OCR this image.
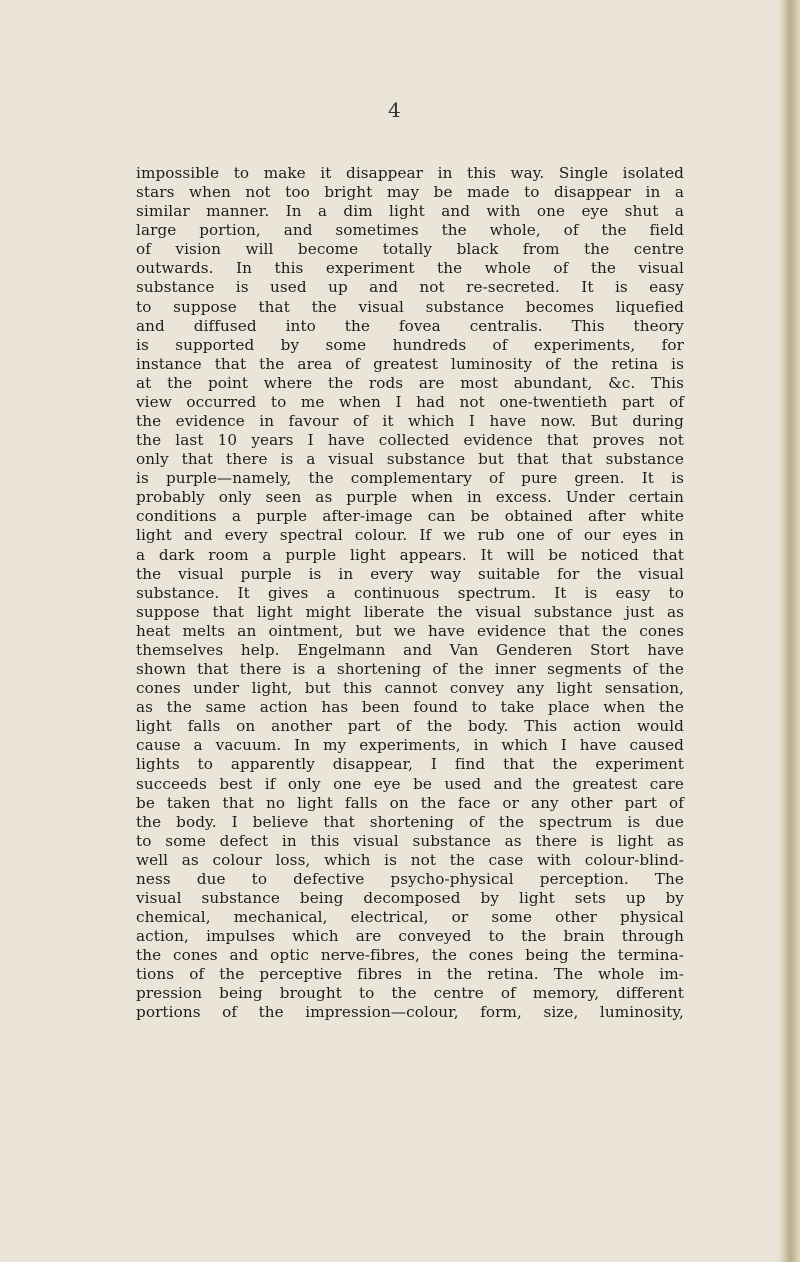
4
impossible to make it disappear in this way. Single isolated
stars when not too bright may be made to disappear in a
similar manner. In a dim light and with one eye shut a
large portion, and sometimes the whole, of the field
of vision will become totally black from the centre
outwards. In this experiment the whole of the visual
substance is used up and not re-secreted. It is easy
to suppose that the visual substance becomes liquefied
and diffused into the fovea centralis. This theory
is supported by some hundreds of experiments, for
instance that the area of greatest luminosity of the retina is
at the point where the rods are most abundant, &c. This
view occurred to me when I had not one-twentieth part of
the evidence in favour of it which I have now. But during
the last 10 years I have collected evidence that proves not
only that there is a visual substance but that that substance
is purple—namely, the complementary of pure green. It is
probably only seen as purple when in excess. Under certain
conditions a purple after-image can be obtained after white
light and every spectral colour. If we rub one of our eyes in
a dark room a purple light appears. It will be noticed that
the visual purple is in every way suitable for the visual
substance. It gives a continuous spectrum. It is easy to
suppose that light might liberate the visual substance just as
heat melts an ointment, but we have evidence that the cones
themselves help. Engelmann and Van Genderen Stort have
shown that there is a shortening of the inner segments of the
cones under light, but this cannot convey any light sensation,
as the same action has been found to take place when the
light falls on another part of the body. This action would
cause a vacuum. In my experiments, in which I have caused
lights to apparently disappear, I find that the experiment
succeeds best if only one eye be used and the greatest care
be taken that no light falls on the face or any other part of
the body. I believe that shortening of the spectrum is due
to some defect in this visual substance as there is light as
well as colour loss, which is not the case with colour-blind-
ness due to defective psycho-physical perception. The
visual substance being decomposed by light sets up by
chemical, mechanical, electrical, or some other physical
action, impulses which are conveyed to the brain through
the cones and optic nerve-fibres, the cones being the termina-
tions of the perceptive fibres in the retina. The whole im-
pression being brought to the centre of memory, different
portions of the impression—colour, form, size, luminosity,
